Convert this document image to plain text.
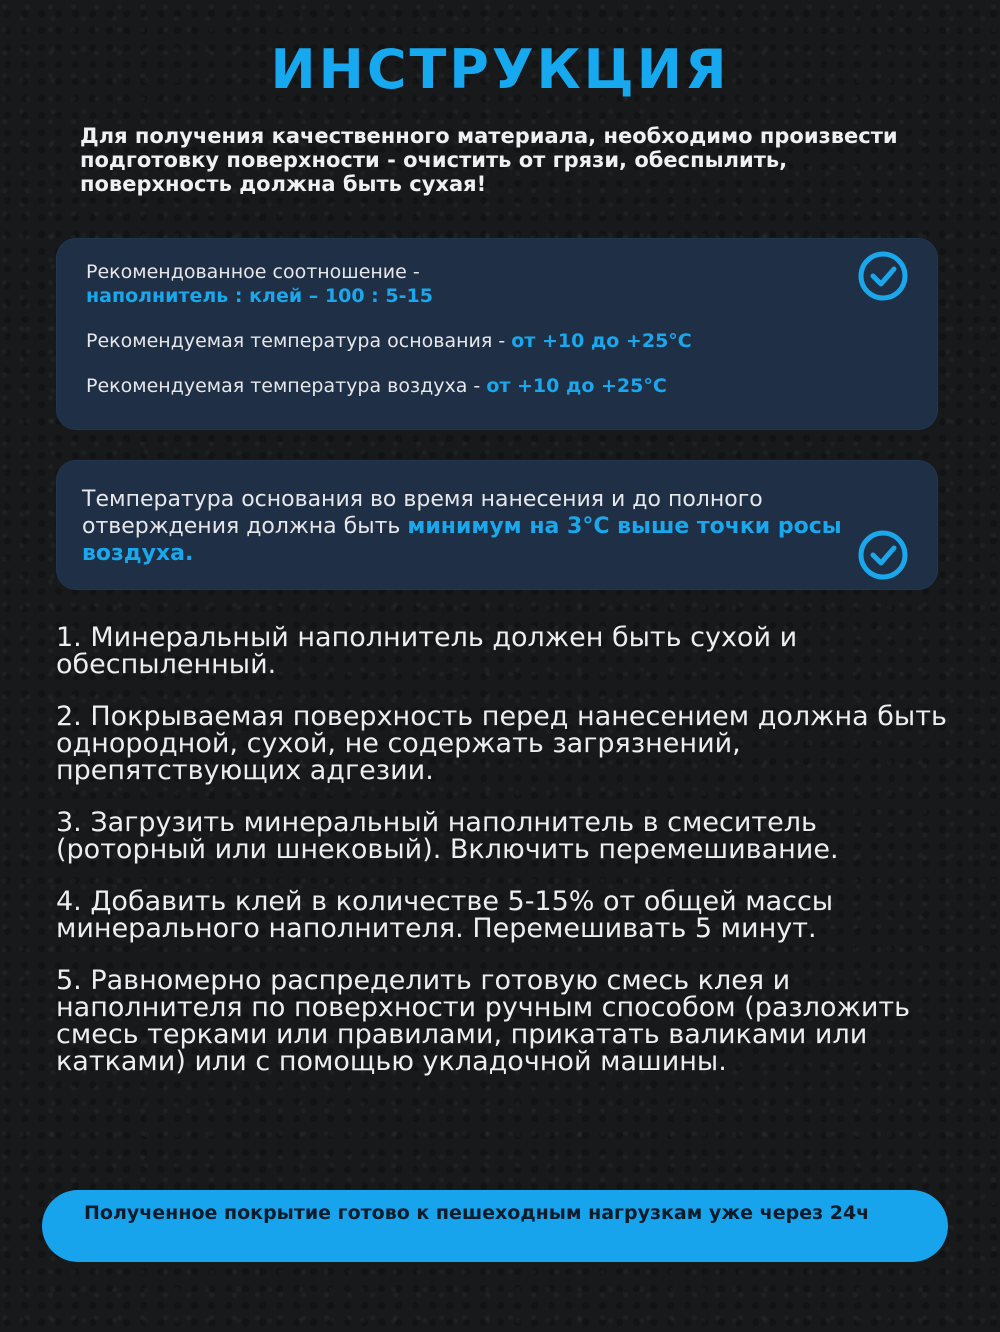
ИНСТРУКЦИЯ
Для получения качественного материала, необходимо произвести подготовку поверхности - очистить от грязи, обеспылить, поверхность должна быть сухая!
Рекомендованное соотношение -
наполнитель : клей – 100 : 5-15
Рекомендуемая температура основания - от +10 до +25°С
Рекомендуемая температура воздуха - от +10 до +25°С
Температура основания во время нанесения и до полного отверждения должна быть минимум на 3°С выше точки росы воздуха.
1. Минеральный наполнитель должен быть сухой и обеспыленный.
2. Покрываемая поверхность перед нанесением должна быть однородной, сухой, не содержать загрязнений, препятствующих адгезии.
3. Загрузить минеральный наполнитель в смеситель (роторный или шнековый). Включить перемешивание.
4. Добавить клей в количестве 5-15% от общей массы минерального наполнителя. Перемешивать 5 минут.
5. Равномерно распределить готовую смесь клея и наполнителя по поверхности ручным способом (разложить смесь терками или правилами, прикатать валиками или катками) или с помощью укладочной машины.
Полученное покрытие готово к пешеходным нагрузкам уже через 24ч
